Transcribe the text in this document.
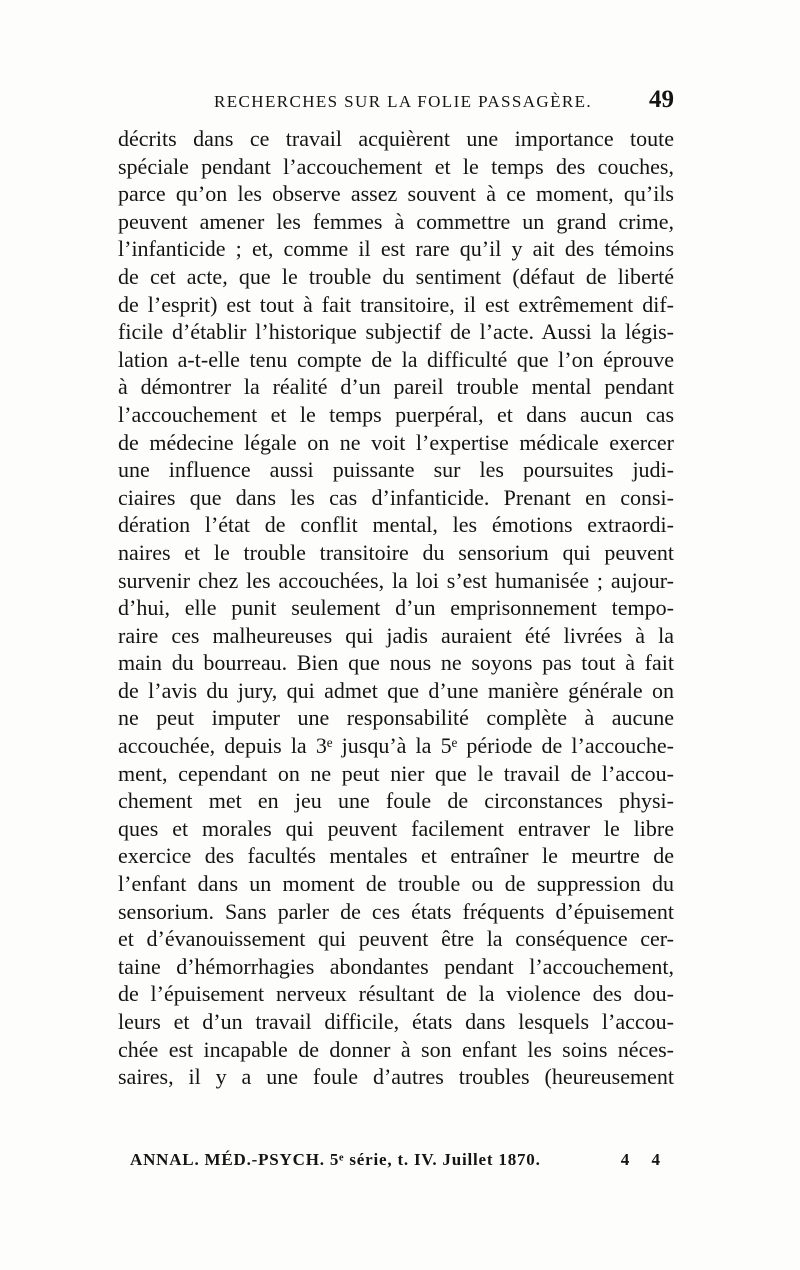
RECHERCHES SUR LA FOLIE PASSAGÈRE. 49
décrits dans ce travail acquièrent une importance toute
spéciale pendant l’accouchement et le temps des couches,
parce qu’on les observe assez souvent à ce moment, qu’ils
peuvent amener les femmes à commettre un grand crime,
l’infanticide ; et, comme il est rare qu’il y ait des témoins
de cet acte, que le trouble du sentiment (défaut de liberté
de l’esprit) est tout à fait transitoire, il est extrêmement dif-
ficile d’établir l’historique subjectif de l’acte. Aussi la légis-
lation a-t-elle tenu compte de la difficulté que l’on éprouve
à démontrer la réalité d’un pareil trouble mental pendant
l’accouchement et le temps puerpéral, et dans aucun cas
de médecine légale on ne voit l’expertise médicale exercer
une influence aussi puissante sur les poursuites judi-
ciaires que dans les cas d’infanticide. Prenant en consi-
dération l’état de conflit mental, les émotions extraordi-
naires et le trouble transitoire du sensorium qui peuvent
survenir chez les accouchées, la loi s’est humanisée ; aujour-
d’hui, elle punit seulement d’un emprisonnement tempo-
raire ces malheureuses qui jadis auraient été livrées à la
main du bourreau. Bien que nous ne soyons pas tout à fait
de l’avis du jury, qui admet que d’une manière générale on
ne peut imputer une responsabilité complète à aucune
accouchée, depuis la 3ᵉ jusqu’à la 5ᵉ période de l’accouche-
ment, cependant on ne peut nier que le travail de l’accou-
chement met en jeu une foule de circonstances physi-
ques et morales qui peuvent facilement entraver le libre
exercice des facultés mentales et entraîner le meurtre de
l’enfant dans un moment de trouble ou de suppression du
sensorium. Sans parler de ces états fréquents d’épuisement
et d’évanouissement qui peuvent être la conséquence cer-
taine d’hémorrhagies abondantes pendant l’accouchement,
de l’épuisement nerveux résultant de la violence des dou-
leurs et d’un travail difficile, états dans lesquels l’accou-
chée est incapable de donner à son enfant les soins néces-
saires, il y a une foule d’autres troubles (heureusement
ANNAL. MÉD.-PSYCH. 5ᵉ série, t. IV. Juillet 1870.	4 4
